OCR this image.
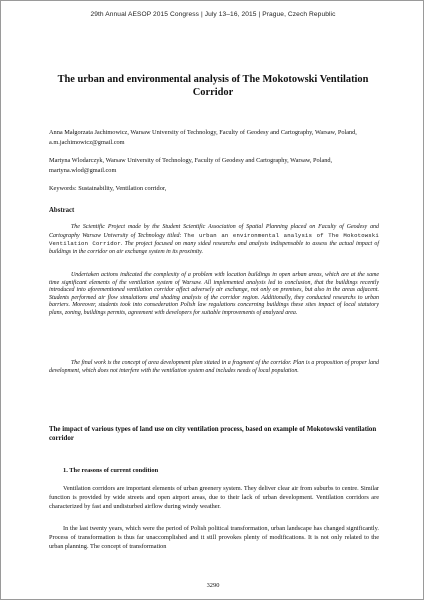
29th Annual AESOP 2015 Congress | July 13–16, 2015 | Prague, Czech Republic
The urban and environmental analysis of The Mokotowski Ventilation Corridor
Anna Małgorzata Jachimowicz, Warsaw University of Technology, Faculty of Geodesy and Cartography, Warsaw, Poland, a.m.jachimowicz@gmail.com
Martyna Wlodarczyk, Warsaw University of Technology, Faculty of Geodesy and Cartography, Warsaw, Poland, martyna.wlod@gmail.com
Keywords: Sustainability, Ventilation corridor,
Abstract
The Scientific Project made by the Student Scientific Association of Spatial Planning placed on Faculty of Geodesy and Cartography Warsaw University of Technology titled: The urban an environmental analysis of The Mokotowski Ventilation Corridor. The project focused on many sided researchs and analysis indispensable to assess the actual impact of buildings in the corridor on air exchange system in its proximity.
Undertaken actions indicated the complexity of a problem with location buildings in open urban areas, which are at the same time significant elements of the ventilation system of Warsaw. All implemented analysis led to conclusion, that the buildings recently introduced into aforementioned ventilation corridor affect adversely air exchange, not only on premises, but also in the areas adjacent. Students performed air flow simulations and shading analysis of the corridor region. Additionally, they conducted researchs to urban barriers. Moreover, students took into consederation Polish law regulations concerning buildings these sites impact of local statutory plans, zoning, buildings permits, agreement with developers for suitable improvements of analyzed area.
The final work is the concept of area development plan sitated in a fragment of the corridor. Plan is a proposition of proper land development, which does not interfere with the ventilation system and includes needs of local population.
The impact of various types of land use on city ventilation process, based on example of Mokotowski ventilation corridor
1. The reasons of current condition
Ventilation corridors are important elements of urban greenery system. They deliver clear air from suburbs to centre. Similar function is provided by wide streets and open airport areas, due to their lack of urban development. Ventilation corridors are characterized by fast and undisturbed airflow during windy weather.
In the last twenty years, which were the period of Polish political transformation, urban landscape has changed significantly. Process of transformation is thus far unaccomplished and it still provokes plenty of modifications. It is not only related to the urban planning. The concept of transformation
3290
